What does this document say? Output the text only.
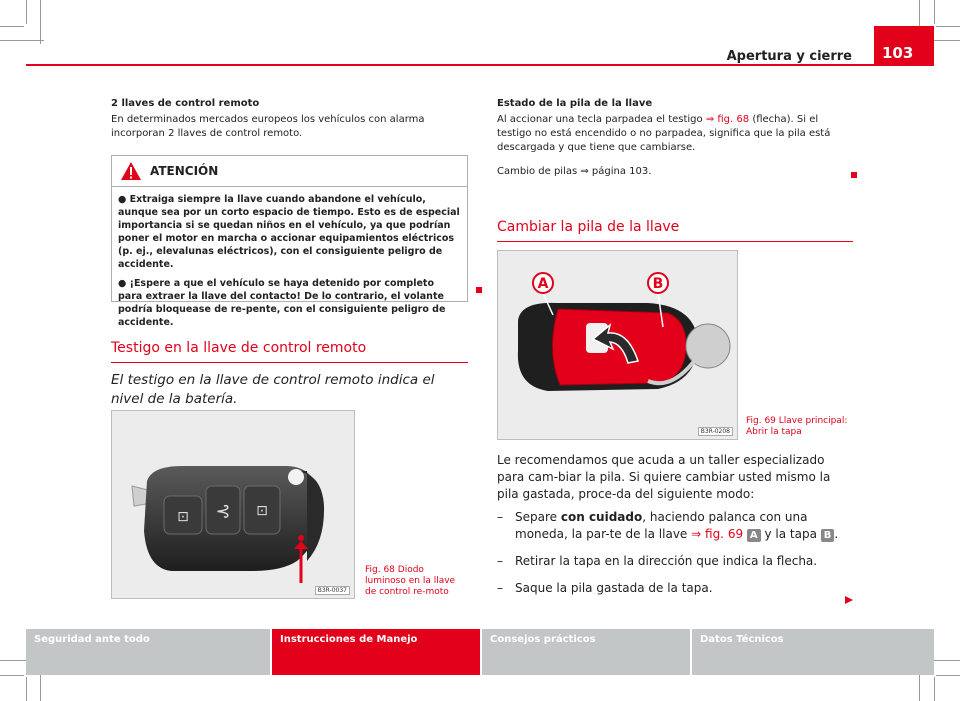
Apertura y cierre	103
2 llaves de control remoto
En determinados mercados europeos los vehículos con alarma incorporan 2 llaves de control remoto.
ATENCIÓN
● Extraiga siempre la llave cuando abandone el vehículo, aunque sea por un corto espacio de tiempo. Esto es de especial importancia si se quedan niños en el vehículo, ya que podrían poner el motor en marcha o accionar equipamientos eléctricos (p. ej., elevalunas eléctricos), con el consiguiente peligro de accidente.
● ¡Espere a que el vehículo se haya detenido por completo para extraer la llave del contacto! De lo contrario, el volante podría bloquease de re-pente, con el consiguiente peligro de accidente.
Testigo en la llave de control remoto
El testigo en la llave de control remoto indica el nivel de la batería.
⊡ ⊰ ⊡
B3R-0037
Fig. 68 Diodo luminoso en la llave de control re-moto
Estado de la pila de la llave
Al accionar una tecla parpadea el testigo ⇒ fig. 68 (flecha). Si el testigo no está encendido o no parpadea, significa que la pila está descargada y que tiene que cambiarse.
Cambio de pilas ⇒ página 103.
Cambiar la pila de la llave
A	B
B3R-0208
Fig. 69 Llave principal: Abrir la tapa

Le recomendamos que acuda a un taller especializado para cam-biar la pila. Si quiere cambiar usted mismo la pila gastada, proce-da del siguiente modo:

–	Separe con cuidado, haciendo palanca con una moneda, la par-te de la llave ⇒ fig. 69 A y la tapa B .
–	Retirar la tapa en la dirección que indica la flecha.
–	Saque la pila gastada de la tapa.
Seguridad ante todo	Instrucciones de Manejo	Consejos prácticos	Datos Técnicos
